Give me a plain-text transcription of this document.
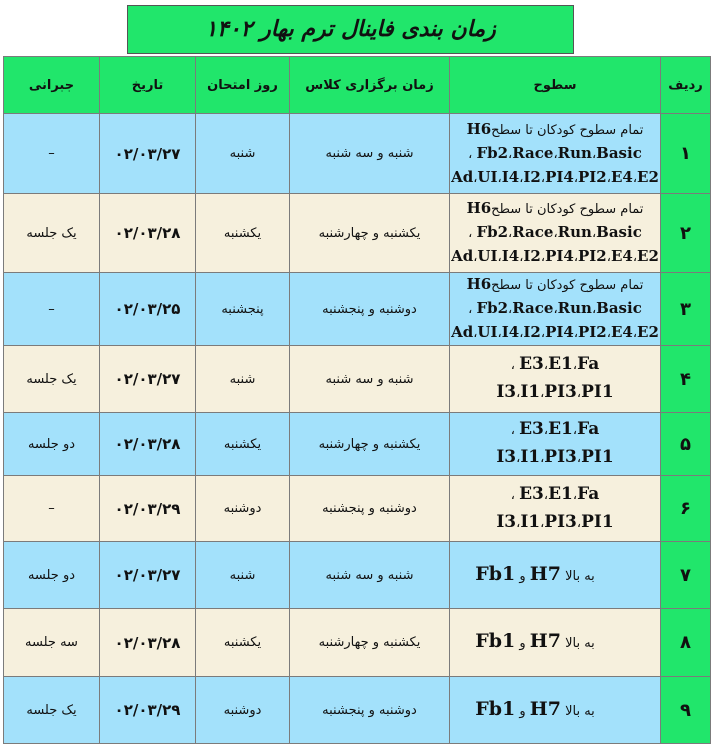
زمان بندی فاینال ترم بهار ۱۴۰۲
ردیف	سطوح	زمان برگزاری کلاس	روز امتحان	تاریخ	جبرانی
۱	تمام سطوح کودکان تا سطحH6
، Fb2،Race،Run،Basic
Ad،UI،I4،I2،PI4،PI2،E4،E2	شنبه و سه شنبه	شنبه	۰۲/۰۳/۲۷	–
۲	تمام سطوح کودکان تا سطحH6
، Fb2،Race،Run،Basic
Ad،UI،I4،I2،PI4،PI2،E4،E2	یکشنبه و چهارشنبه	یکشنبه	۰۲/۰۳/۲۸	یک جلسه
۳	تمام سطوح کودکان تا سطحH6
، Fb2،Race،Run،Basic
Ad،UI،I4،I2،PI4،PI2،E4،E2	دوشنبه و پنجشنبه	پنجشنبه	۰۲/۰۳/۲۵	–
۴	، E3،E1،Fa
I3،I1،PI3،PI1	شنبه و سه شنبه	شنبه	۰۲/۰۳/۲۷	یک جلسه
۵	، E3،E1،Fa
I3،I1،PI3،PI1	یکشنبه و چهارشنبه	یکشنبه	۰۲/۰۳/۲۸	دو جلسه
۶	، E3،E1،Fa
I3،I1،PI3،PI1	دوشنبه و پنجشنبه	دوشنبه	۰۲/۰۳/۲۹	–
۷	Fb1 و H7 به بالا	شنبه و سه شنبه	شنبه	۰۲/۰۳/۲۷	دو جلسه
۸	Fb1 و H7 به بالا	یکشنبه و چهارشنبه	یکشنبه	۰۲/۰۳/۲۸	سه جلسه
۹	Fb1 و H7 به بالا	دوشنبه و پنجشنبه	دوشنبه	۰۲/۰۳/۲۹	یک جلسه
